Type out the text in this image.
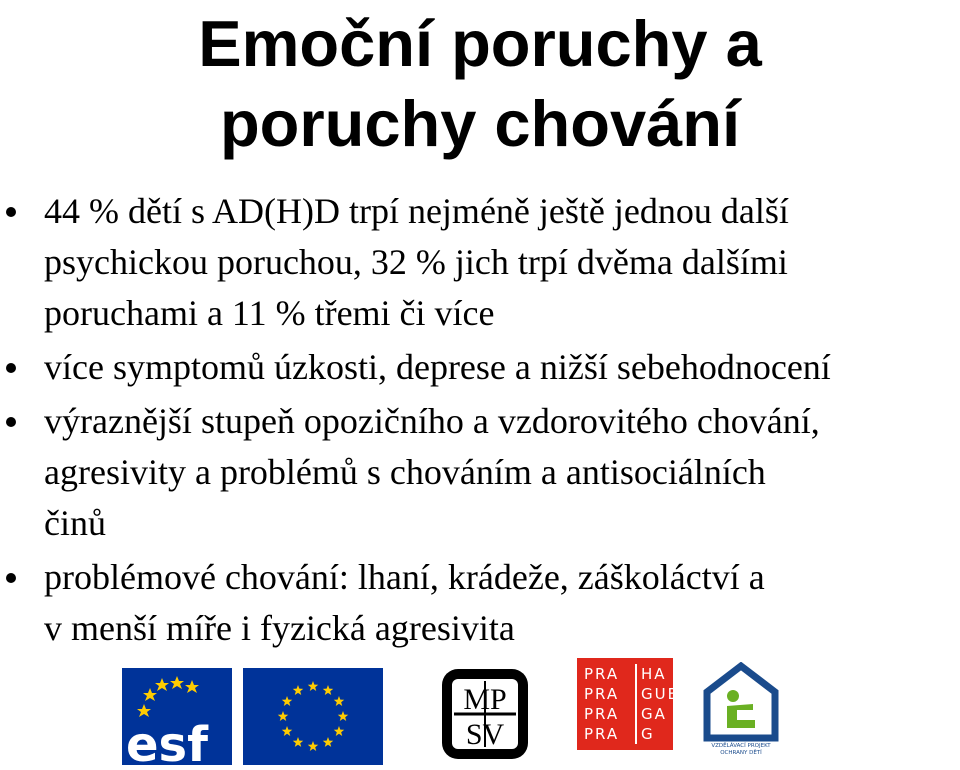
Emoční poruchy a
poruchy chování
44 % dětí s AD(H)D trpí nejméně ještě jednou další
psychickou poruchou, 32 % jich trpí dvěma dalšími
poruchami a 11 % třemi či více
více symptomů úzkosti, deprese a nižší sebehodnocení
výraznější stupeň opozičního a vzdorovitého chování,
agresivity a problémů s chováním a antisociálních
činů
problémové chování: lhaní, krádeže, záškoláctví a
v menší míře i fyzická agresivita
esf
MP
SV
PRA
PRA
PRA
PRA
HA
GUE
GA
G
VZDĚLÁVACÍ PROJEKT
OCHRANY DĚTÍ
